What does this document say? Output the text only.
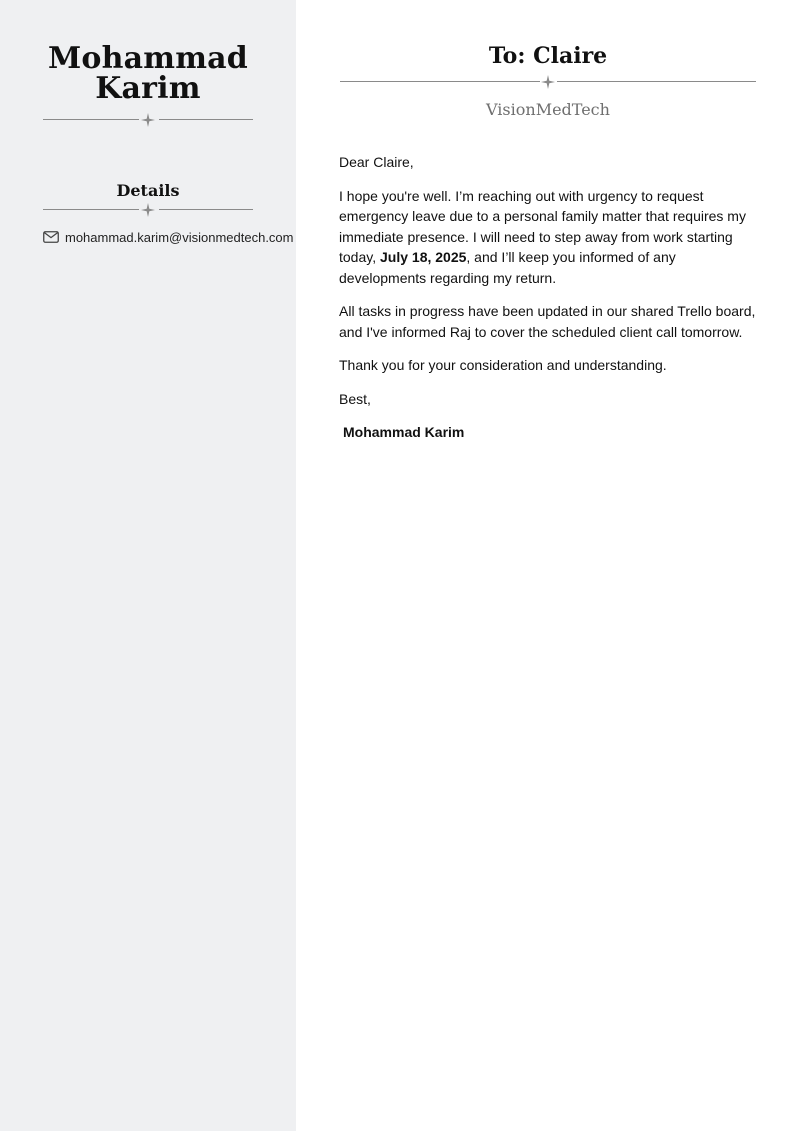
Mohammad
Karim
Details
mohammad.karim@visionmedtech.com
To: Claire
VisionMedTech

Dear Claire,

I hope you're well. I’m reaching out with urgency to request emergency leave due to a personal family matter that requires my immediate presence. I will need to step away from work starting today, July 18, 2025, and I’ll keep you informed of any developments regarding my return.

All tasks in progress have been updated in our shared Trello board, and I've informed Raj to cover the scheduled client call tomorrow.

Thank you for your consideration and understanding.

Best,

Mohammad Karim
